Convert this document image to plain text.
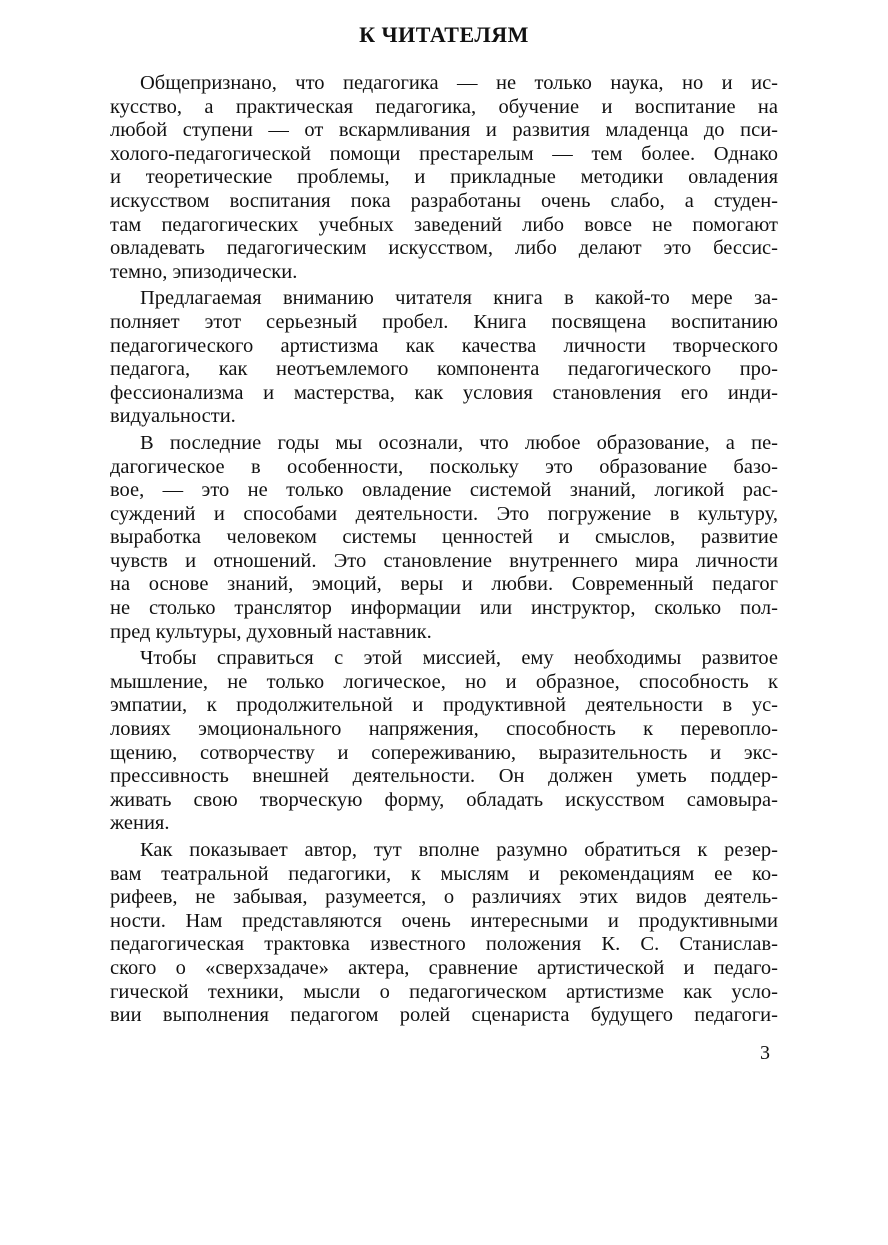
К ЧИТАТЕЛЯМ
Общепризнано, что педагогика — не только наука, но и ис-
кусство, а практическая педагогика, обучение и воспитание на
любой ступени — от вскармливания и развития младенца до пси-
холого-педагогической помощи престарелым — тем более. Однако
и теоретические проблемы, и прикладные методики овладения
искусством воспитания пока разработаны очень слабо, а студен-
там педагогических учебных заведений либо вовсе не помогают
овладевать педагогическим искусством, либо делают это бессис-
темно, эпизодически.
Предлагаемая вниманию читателя книга в какой-то мере за-
полняет этот серьезный пробел. Книга посвящена воспитанию
педагогического артистизма как качества личности творческого
педагога, как неотъемлемого компонента педагогического про-
фессионализма и мастерства, как условия становления его инди-
видуальности.
В последние годы мы осознали, что любое образование, а пе-
дагогическое в особенности, поскольку это образование базо-
вое, — это не только овладение системой знаний, логикой рас-
суждений и способами деятельности. Это погружение в культуру,
выработка человеком системы ценностей и смыслов, развитие
чувств и отношений. Это становление внутреннего мира личности
на основе знаний, эмоций, веры и любви. Современный педагог
не столько транслятор информации или инструктор, сколько пол-
пред культуры, духовный наставник.
Чтобы справиться с этой миссией, ему необходимы развитое
мышление, не только логическое, но и образное, способность к
эмпатии, к продолжительной и продуктивной деятельности в ус-
ловиях эмоционального напряжения, способность к перевопло-
щению, сотворчеству и сопереживанию, выразительность и экс-
прессивность внешней деятельности. Он должен уметь поддер-
живать свою творческую форму, обладать искусством самовыра-
жения.
Как показывает автор, тут вполне разумно обратиться к резер-
вам театральной педагогики, к мыслям и рекомендациям ее ко-
рифеев, не забывая, разумеется, о различиях этих видов деятель-
ности. Нам представляются очень интересными и продуктивными
педагогическая трактовка известного положения К. С. Станислав-
ского о «сверхзадаче» актера, сравнение артистической и педаго-
гической техники, мысли о педагогическом артистизме как усло-
вии выполнения педагогом ролей сценариста будущего педагоги-
3
